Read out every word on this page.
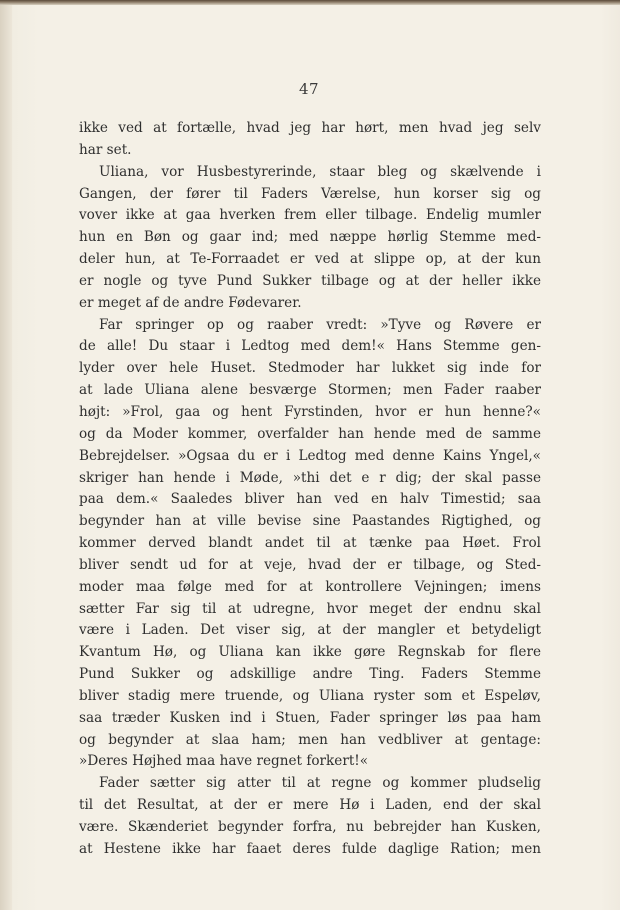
47
ikke ved at fortælle, hvad jeg har hørt, men hvad jeg selv
har set.
Uliana, vor Husbestyrerinde, staar bleg og skælvende i
Gangen, der fører til Faders Værelse, hun korser sig og
vover ikke at gaa hverken frem eller tilbage. Endelig mumler
hun en Bøn og gaar ind; med næppe hørlig Stemme med-
deler hun, at Te-Forraadet er ved at slippe op, at der kun
er nogle og tyve Pund Sukker tilbage og at der heller ikke
er meget af de andre Fødevarer.
Far springer op og raaber vredt: »Tyve og Røvere er
de alle! Du staar i Ledtog med dem!« Hans Stemme gen-
lyder over hele Huset. Stedmoder har lukket sig inde for
at lade Uliana alene besværge Stormen; men Fader raaber
højt: »Frol, gaa og hent Fyrstinden, hvor er hun henne?«
og da Moder kommer, overfalder han hende med de samme
Bebrejdelser. »Ogsaa du er i Ledtog med denne Kains Yngel,«
skriger han hende i Møde, »thi det e r dig; der skal passe
paa dem.« Saaledes bliver han ved en halv Timestid; saa
begynder han at ville bevise sine Paastandes Rigtighed, og
kommer derved blandt andet til at tænke paa Høet. Frol
bliver sendt ud for at veje, hvad der er tilbage, og Sted-
moder maa følge med for at kontrollere Vejningen; imens
sætter Far sig til at udregne, hvor meget der endnu skal
være i Laden. Det viser sig, at der mangler et betydeligt
Kvantum Hø, og Uliana kan ikke gøre Regnskab for flere
Pund Sukker og adskillige andre Ting. Faders Stemme
bliver stadig mere truende, og Uliana ryster som et Espeløv,
saa træder Kusken ind i Stuen, Fader springer løs paa ham
og begynder at slaa ham; men han vedbliver at gentage:
»Deres Højhed maa have regnet forkert!«
Fader sætter sig atter til at regne og kommer pludselig
til det Resultat, at der er mere Hø i Laden, end der skal
være. Skænderiet begynder forfra, nu bebrejder han Kusken,
at Hestene ikke har faaet deres fulde daglige Ration; men
